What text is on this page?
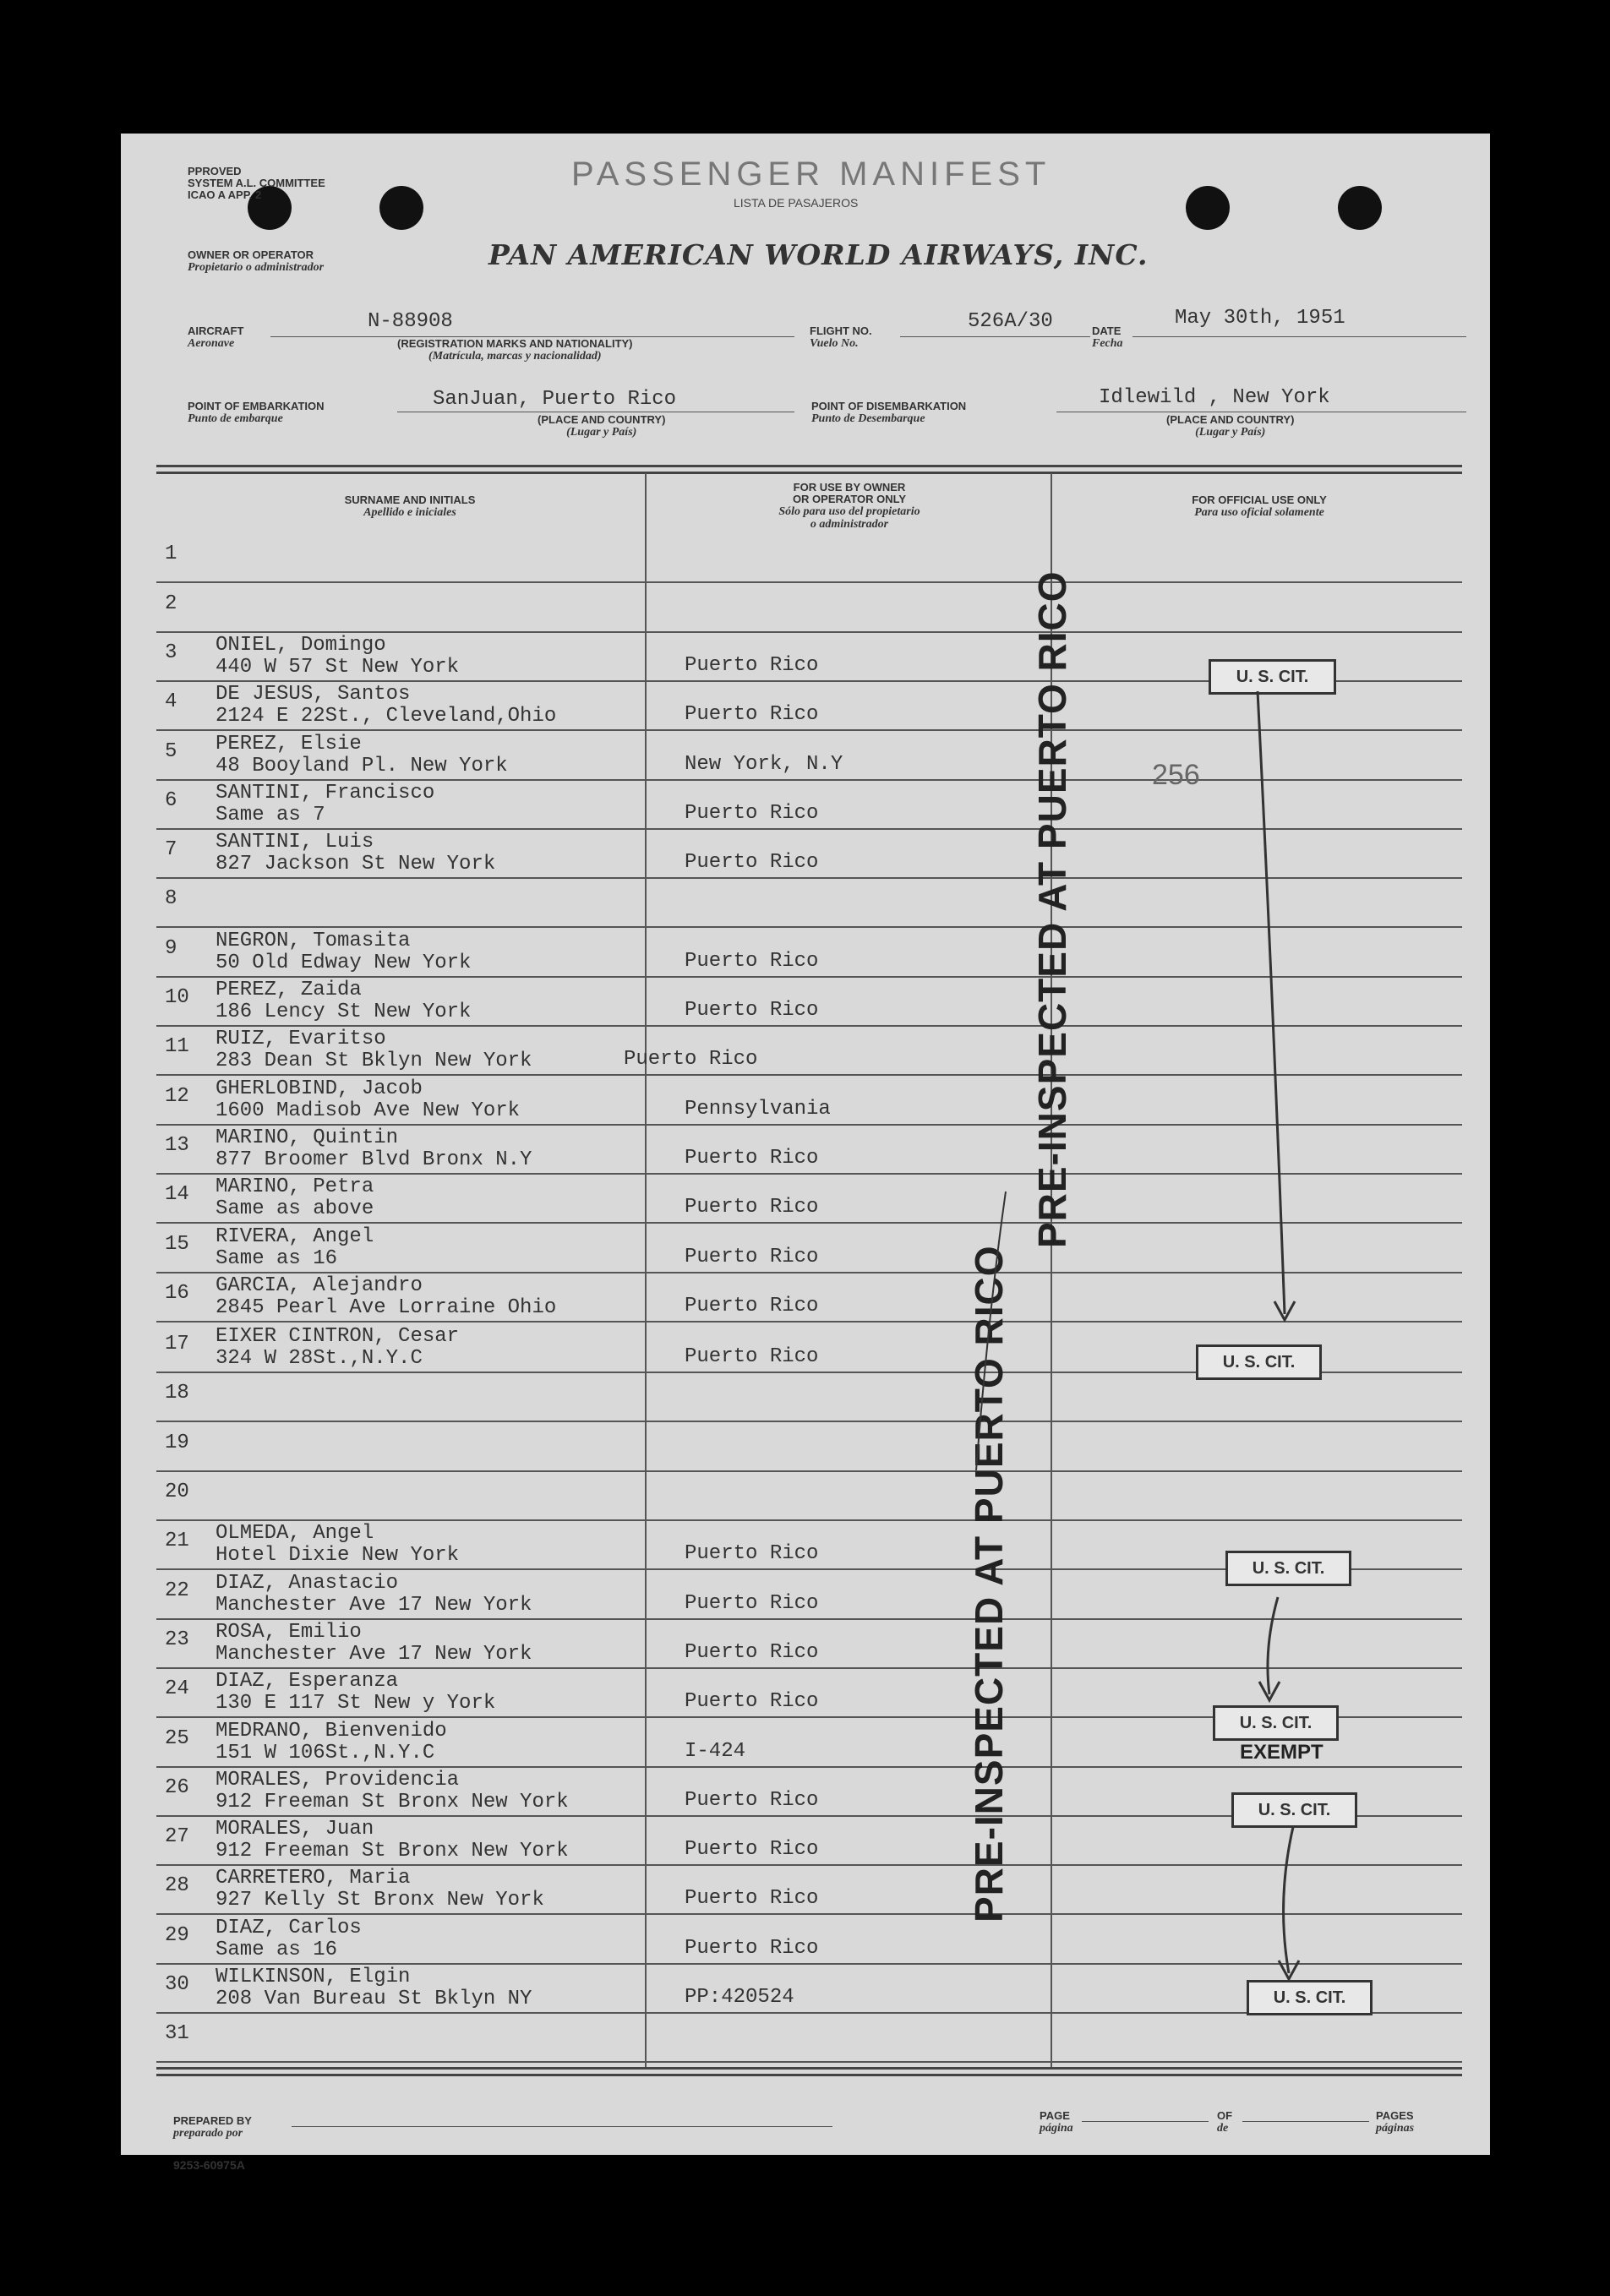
PPROVED
SYSTEM A.L. COMMITTEE
ICAO A APP. 2
PASSENGER MANIFEST
LISTA DE PASAJEROS
OWNER OR OPERATOR
Propietario o administrador	PAN AMERICAN WORLD AIRWAYS, INC.
AIRCRAFT
Aeronave
N-88908
(REGISTRATION MARKS AND NATIONALITY)
(Matrícula, marcas y nacionalidad)
FLIGHT NO.
Vuelo No.
526A/30	DATE
Fecha
May 30th, 1951
POINT OF EMBARKATION
Punto de embarque
SanJuan, Puerto Rico
(PLACE AND COUNTRY)
(Lugar y País)
POINT OF DISEMBARKATION
Punto de Desembarque
Idlewild , New York
(PLACE AND COUNTRY)
(Lugar y País)
SURNAME AND INITIALS
Apellido e iniciales
FOR USE BY OWNER
OR OPERATOR ONLY
Sólo para uso del propietario
o administrador
FOR OFFICIAL USE ONLY
Para uso oficial solamente
1
2
3 ONIEL, Domingo
440 W 57 St New York	Puerto Rico
4 DE JESUS, Santos
2124 E 22St., Cleveland,Ohio	Puerto Rico
5 PEREZ, Elsie
48 Booyland Pl. New York	New York, N.Y
6 SANTINI, Francisco
Same as 7	Puerto Rico
7 SANTINI, Luis
827 Jackson St New York	Puerto Rico
8
9 NEGRON, Tomasita
50 Old Edway New York	Puerto Rico
10 PEREZ, Zaida
186 Lency St New York	Puerto Rico
11 RUIZ, Evaritso
283 Dean St Bklyn New York	Puerto Rico
12 GHERLOBIND, Jacob
1600 Madisob Ave New York	Pennsylvania
13 MARINO, Quintin
877 Broomer Blvd Bronx N.Y	Puerto Rico
14 MARINO, Petra
Same as above	Puerto Rico
15 RIVERA, Angel
Same as 16	Puerto Rico
16 GARCIA, Alejandro
2845 Pearl Ave Lorraine Ohio	Puerto Rico
17 EIXER CINTRON, Cesar
324 W 28St.,N.Y.C	Puerto Rico
18
19
20
21 OLMEDA, Angel
Hotel Dixie New York	Puerto Rico
22 DIAZ, Anastacio
Manchester Ave 17 New York	Puerto Rico
23 ROSA, Emilio
Manchester Ave 17 New York	Puerto Rico
24 DIAZ, Esperanza
130 E 117 St New y York	Puerto Rico
25 MEDRANO, Bienvenido
151 W 106St.,N.Y.C	I-424
26 MORALES, Providencia
912 Freeman St Bronx New York	Puerto Rico
27 MORALES, Juan
912 Freeman St Bronx New York	Puerto Rico
28 CARRETERO, Maria
927 Kelly St Bronx New York	Puerto Rico
29 DIAZ, Carlos
Same as 16	Puerto Rico
30 WILKINSON, Elgin
208 Van Bureau St Bklyn NY	PP:420524
31
256
U. S. CIT.
U. S. CIT.
U. S. CIT.
U. S. CIT.
U. S. CIT.
U. S. CIT.
EXEMPT
PRE-INSPECTED AT PUERTO RICO
PRE-INSPECTED AT PUERTO RICO
PREPARED BY
preparado por
PAGE
página
OF
de
PAGES
páginas
9253-60975A
